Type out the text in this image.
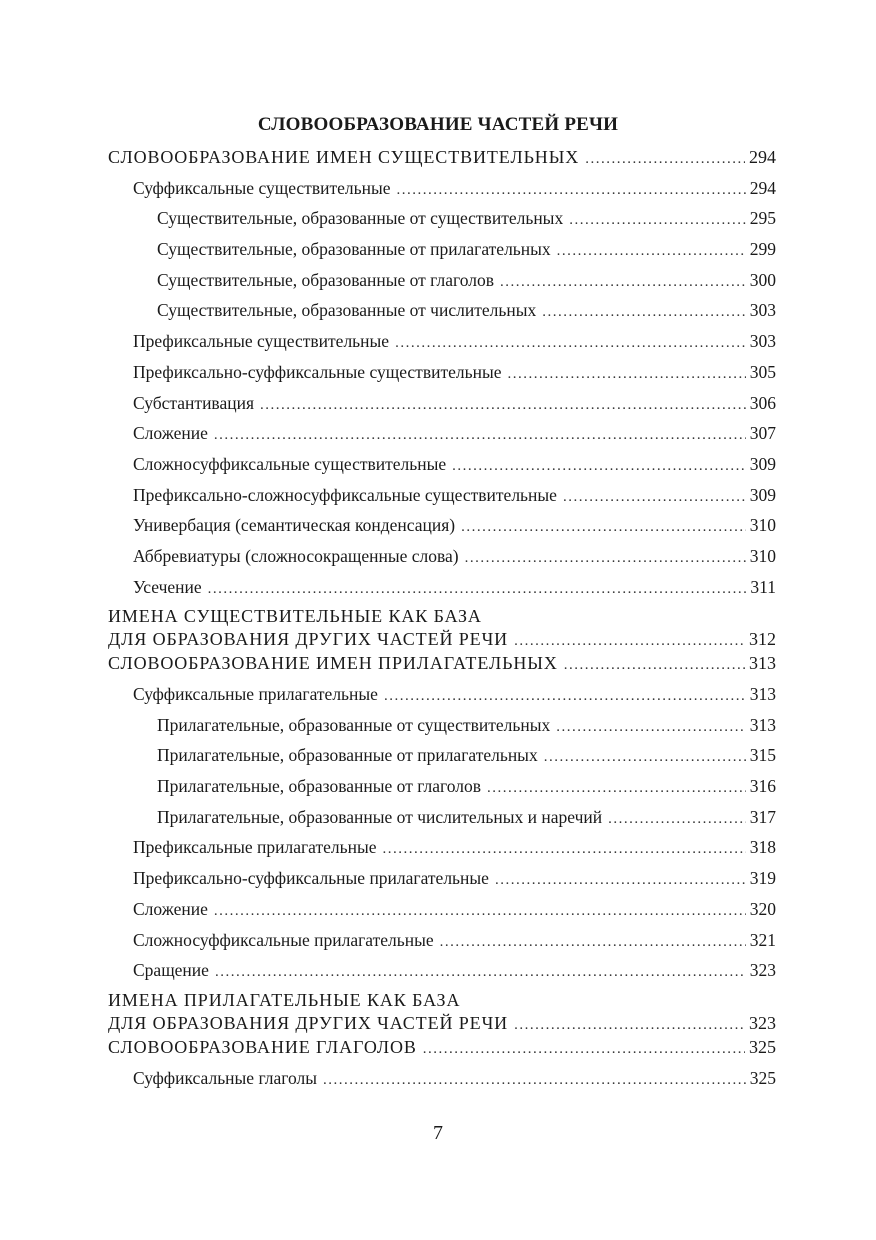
СЛОВООБРАЗОВАНИЕ ЧАСТЕЙ РЕЧИ
СЛОВООБРАЗОВАНИЕ ИМЕН СУЩЕСТВИТЕЛЬНЫХ .....	294
Суффиксальные существительные .....	294
Существительные, образованные от существительных .....	295
Существительные, образованные от прилагательных .....	299
Существительные, образованные от глаголов .....	300
Существительные, образованные от числительных .....	303
Префиксальные существительные .....	303
Префиксально-суффиксальные существительные .....	305
Субстантивация .....	306
Сложение .....	307
Сложносуффиксальные существительные .....	309
Префиксально-сложносуффиксальные существительные .....	309
Универбация (семантическая конденсация) .....	310
Аббревиатуры (сложносокращенные слова) .....	310
Усечение .....	311
ИМЕНА СУЩЕСТВИТЕЛЬНЫЕ КАК БАЗА
ДЛЯ ОБРАЗОВАНИЯ ДРУГИХ ЧАСТЕЙ РЕЧИ .....	312
СЛОВООБРАЗОВАНИЕ ИМЕН ПРИЛАГАТЕЛЬНЫХ .....	313
Суффиксальные прилагательные .....	313
Прилагательные, образованные от существительных .....	313
Прилагательные, образованные от прилагательных .....	315
Прилагательные, образованные от глаголов .....	316
Прилагательные, образованные от числительных и наречий .....	317
Префиксальные прилагательные .....	318
Префиксально-суффиксальные прилагательные .....	319
Сложение .....	320
Сложносуффиксальные прилагательные .....	321
Сращение .....	323
ИМЕНА ПРИЛАГАТЕЛЬНЫЕ КАК БАЗА
ДЛЯ ОБРАЗОВАНИЯ ДРУГИХ ЧАСТЕЙ РЕЧИ .....	323
СЛОВООБРАЗОВАНИЕ ГЛАГОЛОВ .....	325
Суффиксальные глаголы .....	325
7
